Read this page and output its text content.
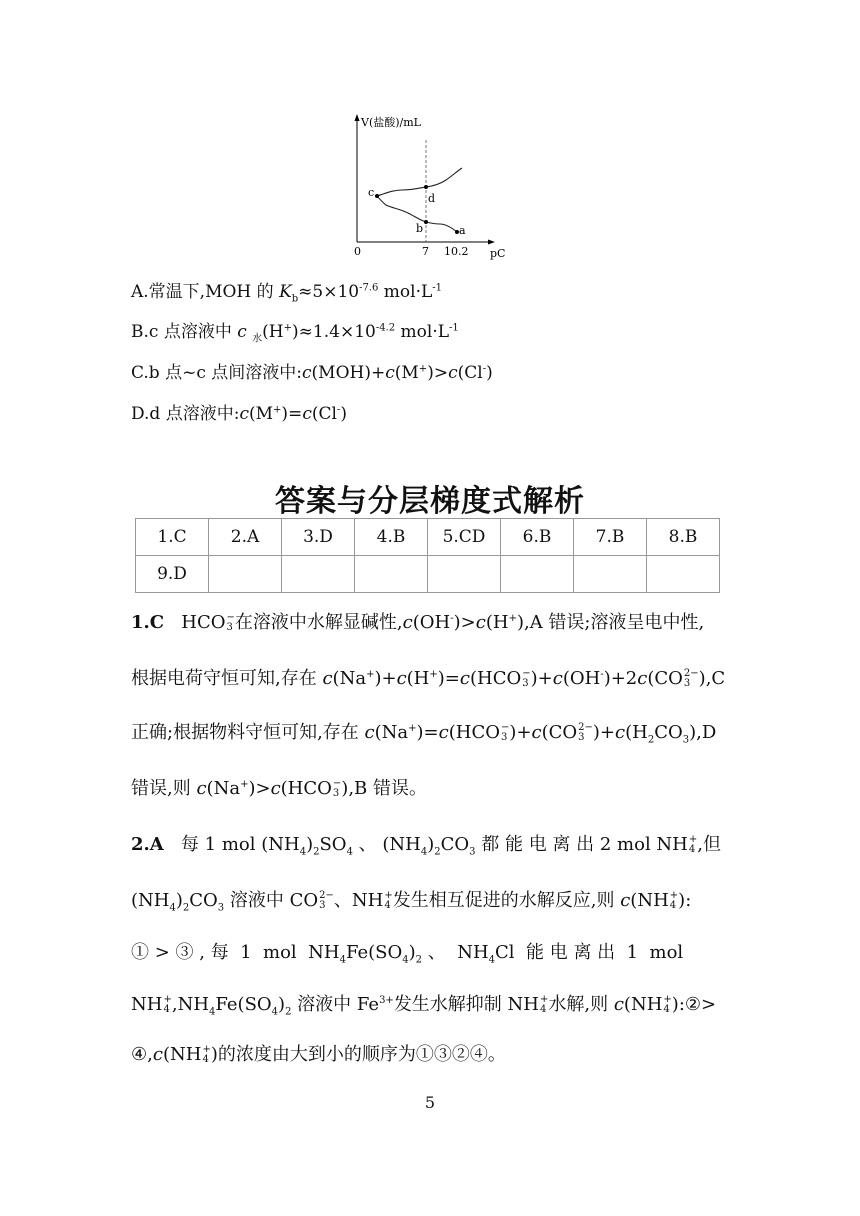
V(盐酸)/mL
c
b
d
a
0	7 10.2 pC
A.常温下,MOH 的 $K_b\approx 5\times 10^{-7.6}$ $mol\cdot L^{-1}$
B.c 点溶液中 c $_水(H^+)\approx 1.4\times 10^{-4.2}$ $mol\cdot L^{-1}$
C.b 点~c 点间溶液中:c(MOH)+c(M+)>c(Cl-)
D.d 点溶液中:c(M+)=c(Cl-)
答案与分层梯度式解析
1.C	2.A	3.D	4.B	5.CD	6.B	7.B	8.B
9.D							
1.C   HCO −
3 在溶液中水解显碱性,c(OH-)>c(H+),A 错误;溶液呈电中性,
根据电荷守恒可知,存在 c(Na+)+c(H+)=c(HCO −
3 )+c(OH-)+2c(CO 2−
3 ),C
正确;根据物料守恒可知,存在 c(Na+)=c(HCO −
3 )+c(CO 2−
3 )$+c(H_2CO_3),D$
错误,则 c(Na+)>c(HCO −
3 ),B 错误。
2.A   每 1 mol $(NH_4)_2SO_4$ 、 $(NH_4)_2CO_3$ 都 能 电 离 出 2 mol NH +
4 ,但
$(NH_4)_2CO_3$ 溶液中 CO 2−
3 、NH +
4 发生相互促进的水解反应,则 c(NH +
4 ):
① > ③ , 每  1  mol  $NH_4Fe(SO_4)_2$ 、  $NH_4Cl$  能 电 离 出  1  mol
NH +
4 $,NH_4Fe(SO_4)_2$ 溶液中 $Fe^{3+}$发生水解抑制 NH +
4 水解,则 c(NH +
4 ):②>
④,c(NH +
4 )的浓度由大到小的顺序为①③②④。
5
